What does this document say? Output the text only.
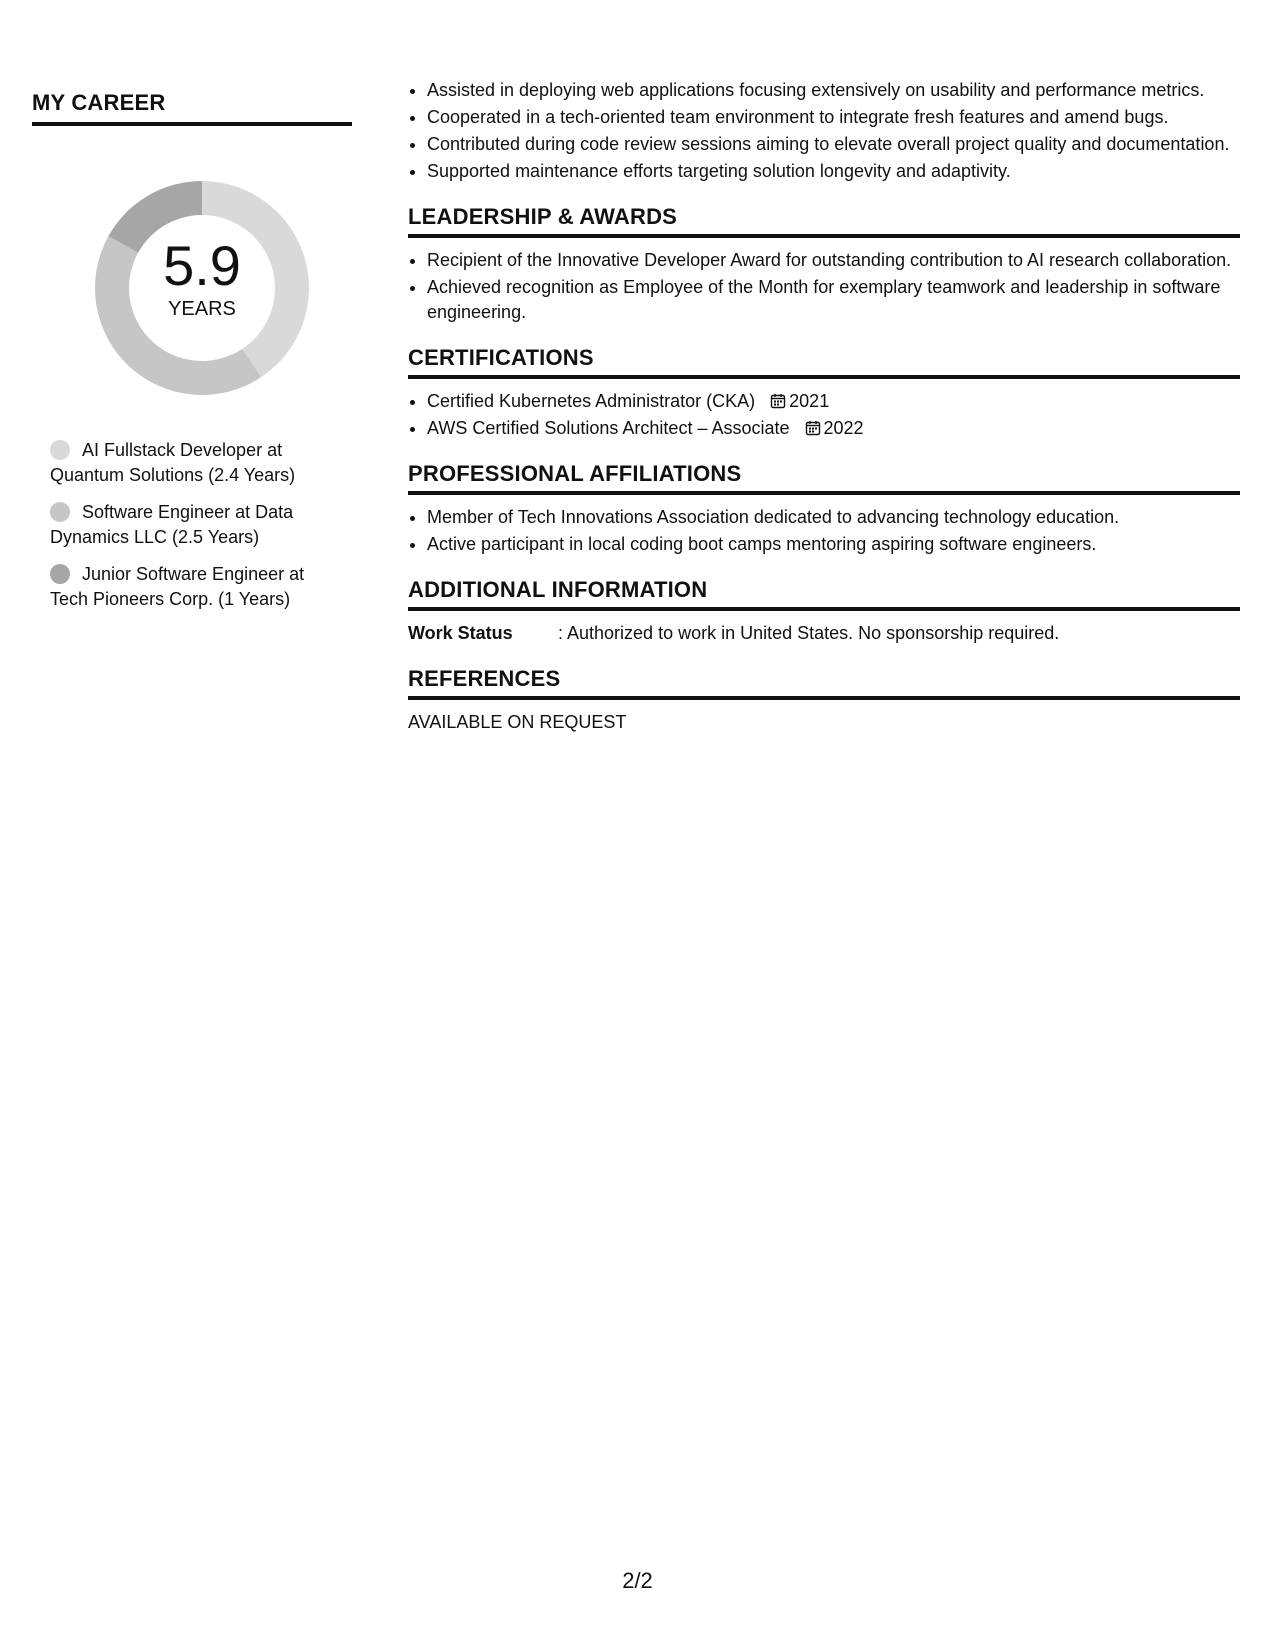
MY CAREER
5.9
YEARS
AI Fullstack Developer at Quantum Solutions (2.4 Years)
Software Engineer at Data Dynamics LLC (2.5 Years)
Junior Software Engineer at Tech Pioneers Corp. (1 Years)
• Assisted in deploying web applications focusing extensively on usability and performance metrics.
• Cooperated in a tech-oriented team environment to integrate fresh features and amend bugs.
• Contributed during code review sessions aiming to elevate overall project quality and documentation.
• Supported maintenance efforts targeting solution longevity and adaptivity.
LEADERSHIP & AWARDS
• Recipient of the Innovative Developer Award for outstanding contribution to AI research collaboration.
• Achieved recognition as Employee of the Month for exemplary teamwork and leadership in software engineering.
CERTIFICATIONS
• Certified Kubernetes Administrator (CKA) 2021
• AWS Certified Solutions Architect – Associate 2022
PROFESSIONAL AFFILIATIONS
• Member of Tech Innovations Association dedicated to advancing technology education.
• Active participant in local coding boot camps mentoring aspiring software engineers.
ADDITIONAL INFORMATION
Work Status	: Authorized to work in United States. No sponsorship required.
REFERENCES
AVAILABLE ON REQUEST
2/2
